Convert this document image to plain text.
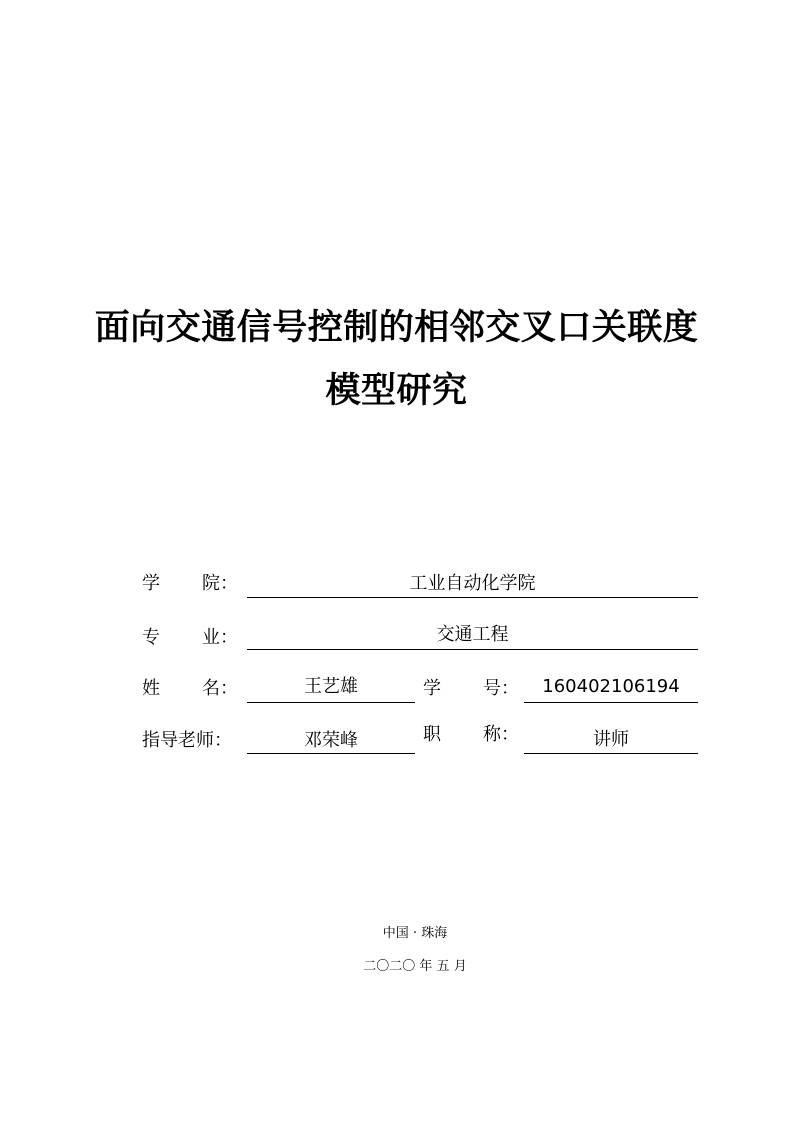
面向交通信号控制的相邻交叉口关联度
模型研究
学 院：	工业自动化学院
专 业：	交通工程
姓 名：	王艺雄	学 号：	160402106194
指导老师：	邓荣峰	职 称：	讲师
中国 · 珠海
二〇二〇 年 五 月
